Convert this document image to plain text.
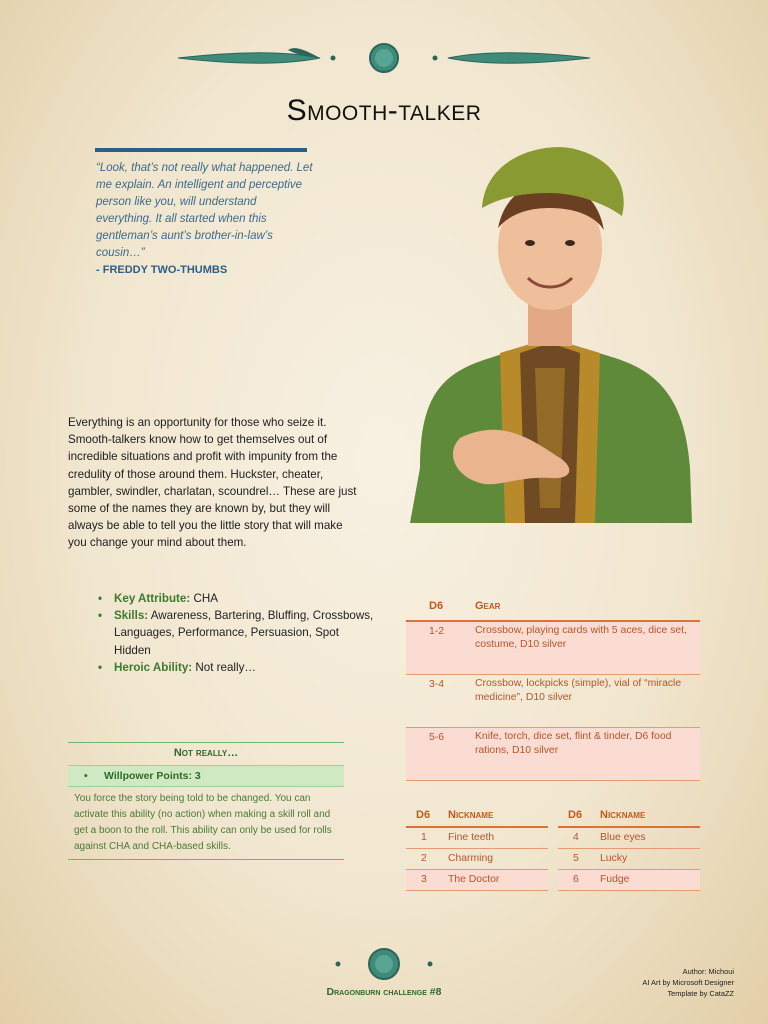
Smooth-talker
“Look, that’s not really what happened. Let me explain. An intelligent and perceptive person like you, will understand everything. It all started when this gentleman’s aunt’s brother-in-law’s cousin…”
- FREDDY TWO-THUMBS
Everything is an opportunity for those who seize it. Smooth-talkers know how to get themselves out of incredible situations and profit with impunity from the credulity of those around them. Huckster, cheater, gambler, swindler, charlatan, scoundrel… These are just some of the names they are known by, but they will always be able to tell you the little story that will make you change your mind about them.
• Key Attribute: CHA
• Skills: Awareness, Bartering, Bluffing, Crossbows, Languages, Performance, Persuasion, Spot Hidden
• Heroic Ability: Not really…
Not really…
• Willpower Points: 3
You force the story being told to be changed. You can activate this ability (no action) when making a skill roll and get a boon to the roll. This ability can only be used for rolls against CHA and CHA-based skills.
D6	Gear
1-2	Crossbow, playing cards with 5 aces, dice set, costume, D10 silver
3-4	Crossbow, lockpicks (simple), vial of “miracle medicine”, D10 silver
5-6	Knife, torch, dice set, flint & tinder, D6 food rations, D10 silver
D6 Nickname
1 Fine teeth
2 Charming
3 The Doctor
D6 Nickname
4 Blue eyes
5 Lucky
6 Fudge
Dragonburn challenge #8
Author: Michoui
AI Art by Microsoft Designer
Template by CataZZ
